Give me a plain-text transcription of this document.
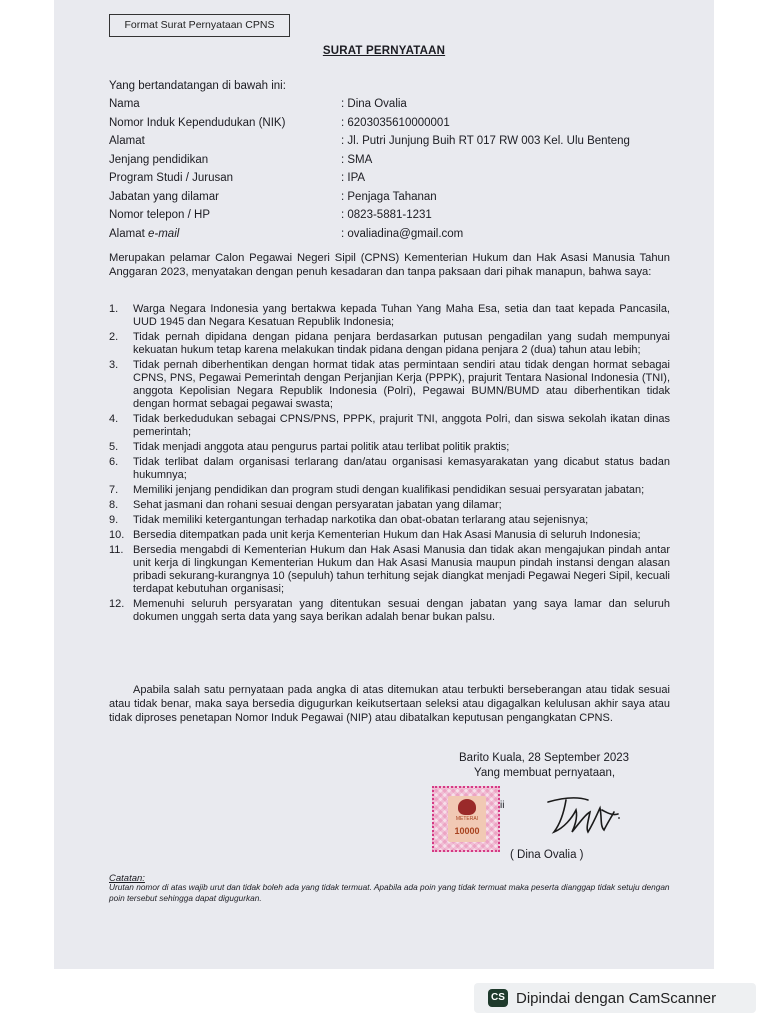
Format Surat Pernyataan CPNS
SURAT PERNYATAAN
Yang bertandatangan di bawah ini:
Nama	: Dina Ovalia
Nomor Induk Kependudukan (NIK)	: 6203035610000001
Alamat	: Jl. Putri Junjung Buih RT 017 RW 003 Kel. Ulu Benteng
Jenjang pendidikan	: SMA
Program Studi / Jurusan	: IPA
Jabatan yang dilamar	: Penjaga Tahanan
Nomor telepon / HP	: 0823-5881-1231
Alamat e-mail	: ovaliadina@gmail.com
Merupakan pelamar Calon Pegawai Negeri Sipil (CPNS) Kementerian Hukum dan Hak Asasi Manusia Tahun Anggaran 2023, menyatakan dengan penuh kesadaran dan tanpa paksaan dari pihak manapun, bahwa saya:
1.	Warga Negara Indonesia yang bertakwa kepada Tuhan Yang Maha Esa, setia dan taat kepada Pancasila, UUD 1945 dan Negara Kesatuan Republik Indonesia;
2.	Tidak pernah dipidana dengan pidana penjara berdasarkan putusan pengadilan yang sudah mempunyai kekuatan hukum tetap karena melakukan tindak pidana dengan pidana penjara 2 (dua) tahun atau lebih;
3.	Tidak pernah diberhentikan dengan hormat tidak atas permintaan sendiri atau tidak dengan hormat sebagai CPNS, PNS, Pegawai Pemerintah dengan Perjanjian Kerja (PPPK), prajurit Tentara Nasional Indonesia (TNI), anggota Kepolisian Negara Republik Indonesia (Polri), Pegawai BUMN/BUMD atau diberhentikan tidak dengan hormat sebagai pegawai swasta;
4.	Tidak berkedudukan sebagai CPNS/PNS, PPPK, prajurit TNI, anggota Polri, dan siswa sekolah ikatan dinas pemerintah;
5.	Tidak menjadi anggota atau pengurus partai politik atau terlibat politik praktis;
6.	Tidak terlibat dalam organisasi terlarang dan/atau organisasi kemasyarakatan yang dicabut status badan hukumnya;
7.	Memiliki jenjang pendidikan dan program studi dengan kualifikasi pendidikan sesuai persyaratan jabatan;
8.	Sehat jasmani dan rohani sesuai dengan persyaratan jabatan yang dilamar;
9.	Tidak memiliki ketergantungan terhadap narkotika dan obat-obatan terlarang atau sejenisnya;
10. Bersedia ditempatkan pada unit kerja Kementerian Hukum dan Hak Asasi Manusia di seluruh Indonesia;
11. Bersedia mengabdi di Kementerian Hukum dan Hak Asasi Manusia dan tidak akan mengajukan pindah antar unit kerja di lingkungan Kementerian Hukum dan Hak Asasi Manusia maupun pindah instansi dengan alasan pribadi sekurang-kurangnya 10 (sepuluh) tahun terhitung sejak diangkat menjadi Pegawai Negeri Sipil, kecuali terdapat kebutuhan organisasi;
12. Memenuhi seluruh persyaratan yang ditentukan sesuai dengan jabatan yang saya lamar dan seluruh dokumen unggah serta data yang saya berikan adalah benar bukan palsu.
Apabila salah satu pernyataan pada angka di atas ditemukan atau terbukti berseberangan atau tidak sesuai atau tidak benar, maka saya bersedia digugurkan keikutsertaan seleksi atau digagalkan kelulusan akhir saya atau tidak diproses penetapan Nomor Induk Pegawai (NIP) atau dibatalkan keputusan pengangkatan CPNS.
Barito Kuala, 28 September 2023
Yang membuat pernyataan,
METERAI
10000
ii
( Dina Ovalia )
Catatan:
Urutan nomor di atas wajib urut dan tidak boleh ada yang tidak termuat. Apabila ada poin yang tidak termuat maka peserta dianggap tidak setuju dengan poin tersebut sehingga dapat digugurkan.
CS Dipindai dengan CamScanner
